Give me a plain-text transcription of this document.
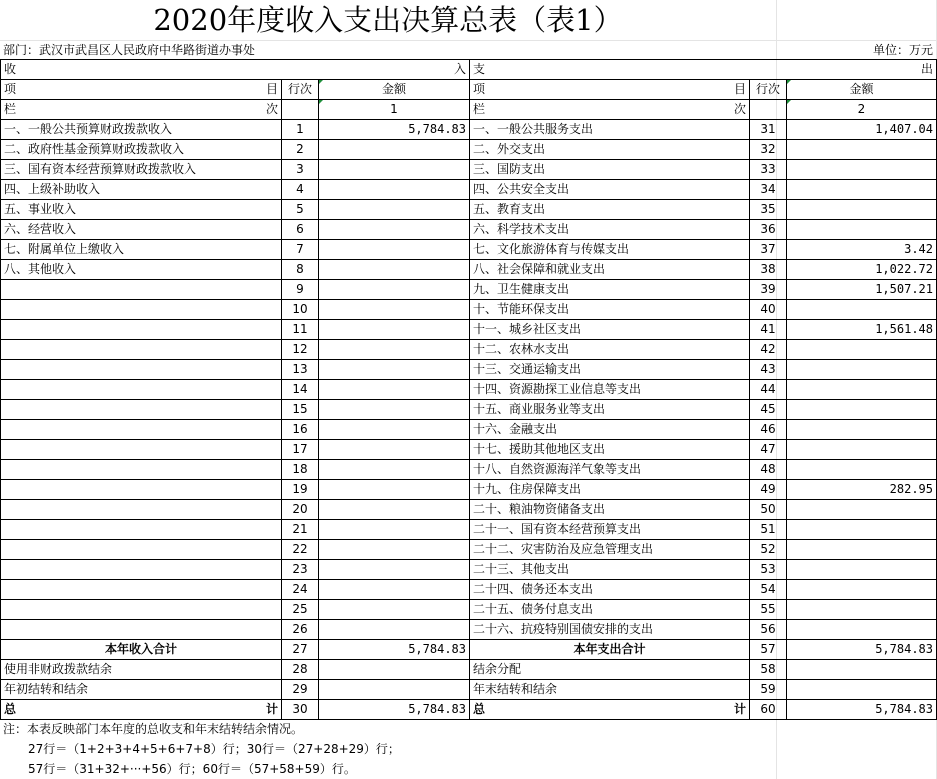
2020年度收入支出决算总表（表1）
部门：武汉市武昌区人民政府中华路街道办事处	单位：万元
收 入			支 出		

项 目	行次	金额	项 目	行次	金额

栏 次		1	栏 次		2
一、一般公共预算财政拨款收入	1	5,784.83	一、一般公共服务支出	31	1,407.04
二、政府性基金预算财政拨款收入	2		二、外交支出	32	
三、国有资本经营预算财政拨款收入	3		三、国防支出	33	
四、上级补助收入	4		四、公共安全支出	34	
五、事业收入	5		五、教育支出	35	
六、经营收入	6		六、科学技术支出	36	
七、附属单位上缴收入	7		七、文化旅游体育与传媒支出	37	3.42
八、其他收入	8		八、社会保障和就业支出	38	1,022.72
	9		九、卫生健康支出	39	1,507.21
	10		十、节能环保支出	40	
	11		十一、城乡社区支出	41	1,561.48
	12		十二、农林水支出	42	
	13		十三、交通运输支出	43	
	14		十四、资源勘探工业信息等支出	44	
	15		十五、商业服务业等支出	45	
	16		十六、金融支出	46	
	17		十七、援助其他地区支出	47	
	18		十八、自然资源海洋气象等支出	48	
	19		十九、住房保障支出	49	282.95
	20		二十、粮油物资储备支出	50	
	21		二十一、国有资本经营预算支出	51	
	22		二十二、灾害防治及应急管理支出	52	
	23		二十三、其他支出	53	
	24		二十四、债务还本支出	54	
	25		二十五、债务付息支出	55	
	26		二十六、抗疫特别国债安排的支出	56	
本年收入合计	27	5,784.83	本年支出合计	57	5,784.83
使用非财政拨款结余	28		结余分配	58	
年初结转和结余	29		年末结转和结余	59	

总 计	30	5,784.83	总 计	60	5,784.83
注：本表反映部门本年度的总收支和年末结转结余情况。
27行＝（1+2+3+4+5+6+7+8）行；30行＝（27+28+29）行；
57行＝（31+32+···+56）行；60行＝（57+58+59）行。
